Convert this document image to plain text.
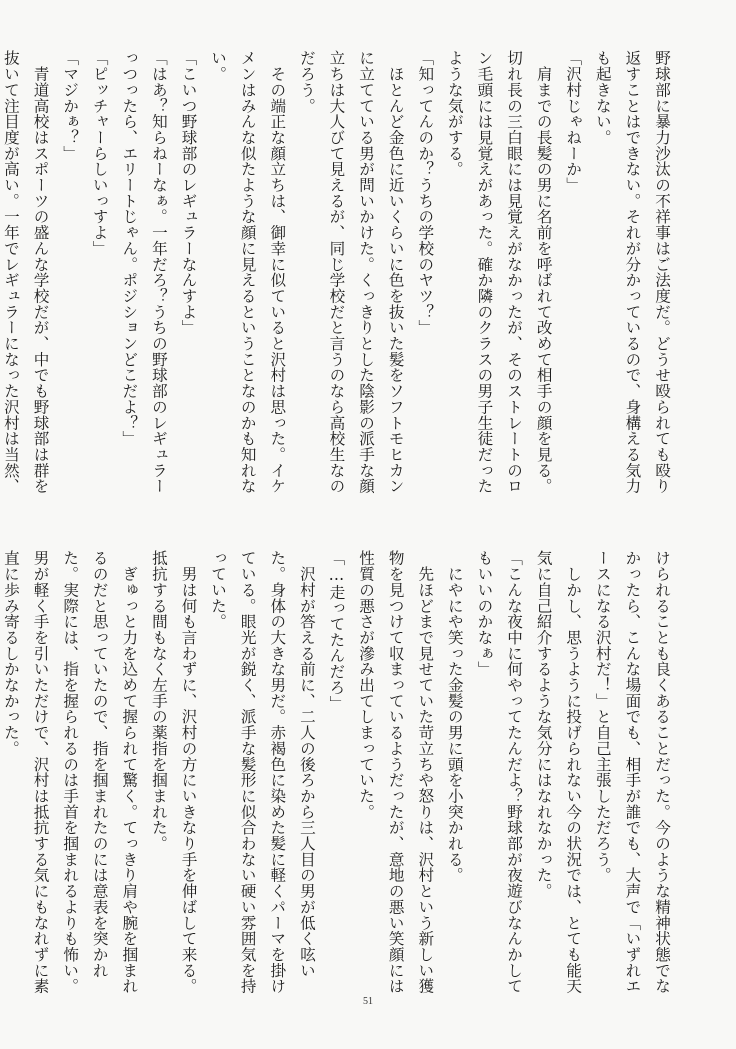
野球部に暴力沙汰の不祥事はご法度だ。どうせ殴られても殴り返すことはできない。それが分かっているので、身構える気力も起きない。

「沢村じゃねーか」

　肩までの長髪の男に名前を呼ばれて改めて相手の顔を見る。切れ長の三白眼には見覚えがなかったが、そのストレートのロン毛頭には見覚えがあった。確か隣のクラスの男子生徒だったような気がする。

「知ってんのか？うちの学校のヤツ？」

　ほとんど金色に近いくらいに色を抜いた髪をソフトモヒカンに立てている男が問いかけた。くっきりとした陰影の派手な顔立ちは大人びて見えるが、同じ学校だと言うのなら高校生なのだろう。

　その端正な顔立ちは、御幸に似ていると沢村は思った。イケメンはみんな似たような顔に見えるということなのかも知れない。

「こいつ野球部のレギュラーなんすよ」

「はあ？知らねーなぁ。一年だろ？うちの野球部のレギュラーっつったら、エリートじゃん。ポジションどこだよ？」

「ピッチャーらしいっすよ」

「マジかぁ？」

　青道高校はスポーツの盛んな学校だが、中でも野球部は群を抜いて注目度が高い。一年でレギュラーになった沢村は当然、

けられることも良くあることだった。今のような精神状態でなかったら、こんな場面でも、相手が誰でも、大声で「いずれエースになる沢村だ！」と自己主張しただろう。

　しかし、思うように投げられない今の状況では、とても能天気に自己紹介するような気分にはなれなかった。

「こんな夜中に何やってたんだよ？野球部が夜遊びなんかしてもいいのかなぁ」

　にやにや笑った金髪の男に頭を小突かれる。

　先ほどまで見せていた苛立ちや怒りは、沢村という新しい獲物を見つけて収まっているようだったが、意地の悪い笑顔には性質の悪さが滲み出てしまっていた。

「…走ってたんだろ」

　沢村が答える前に、二人の後ろから三人目の男が低く呟いた。身体の大きな男だ。赤褐色に染めた髪に軽くパーマを掛けている。眼光が鋭く、派手な髪形に似合わない硬い雰囲気を持っていた。

　男は何も言わずに、沢村の方にいきなり手を伸ばして来る。抵抗する間もなく左手の薬指を掴まれた。

　ぎゅっと力を込めて握られて驚く。てっきり肩や腕を掴まれるのだと思っていたので、指を掴まれたのには意表を突かれた。実際には、指を握られるのは手首を掴まれるよりも怖い。男が軽く手を引いただけで、沢村は抵抗する気にもなれずに素直に歩み寄るしかなかった。

51
